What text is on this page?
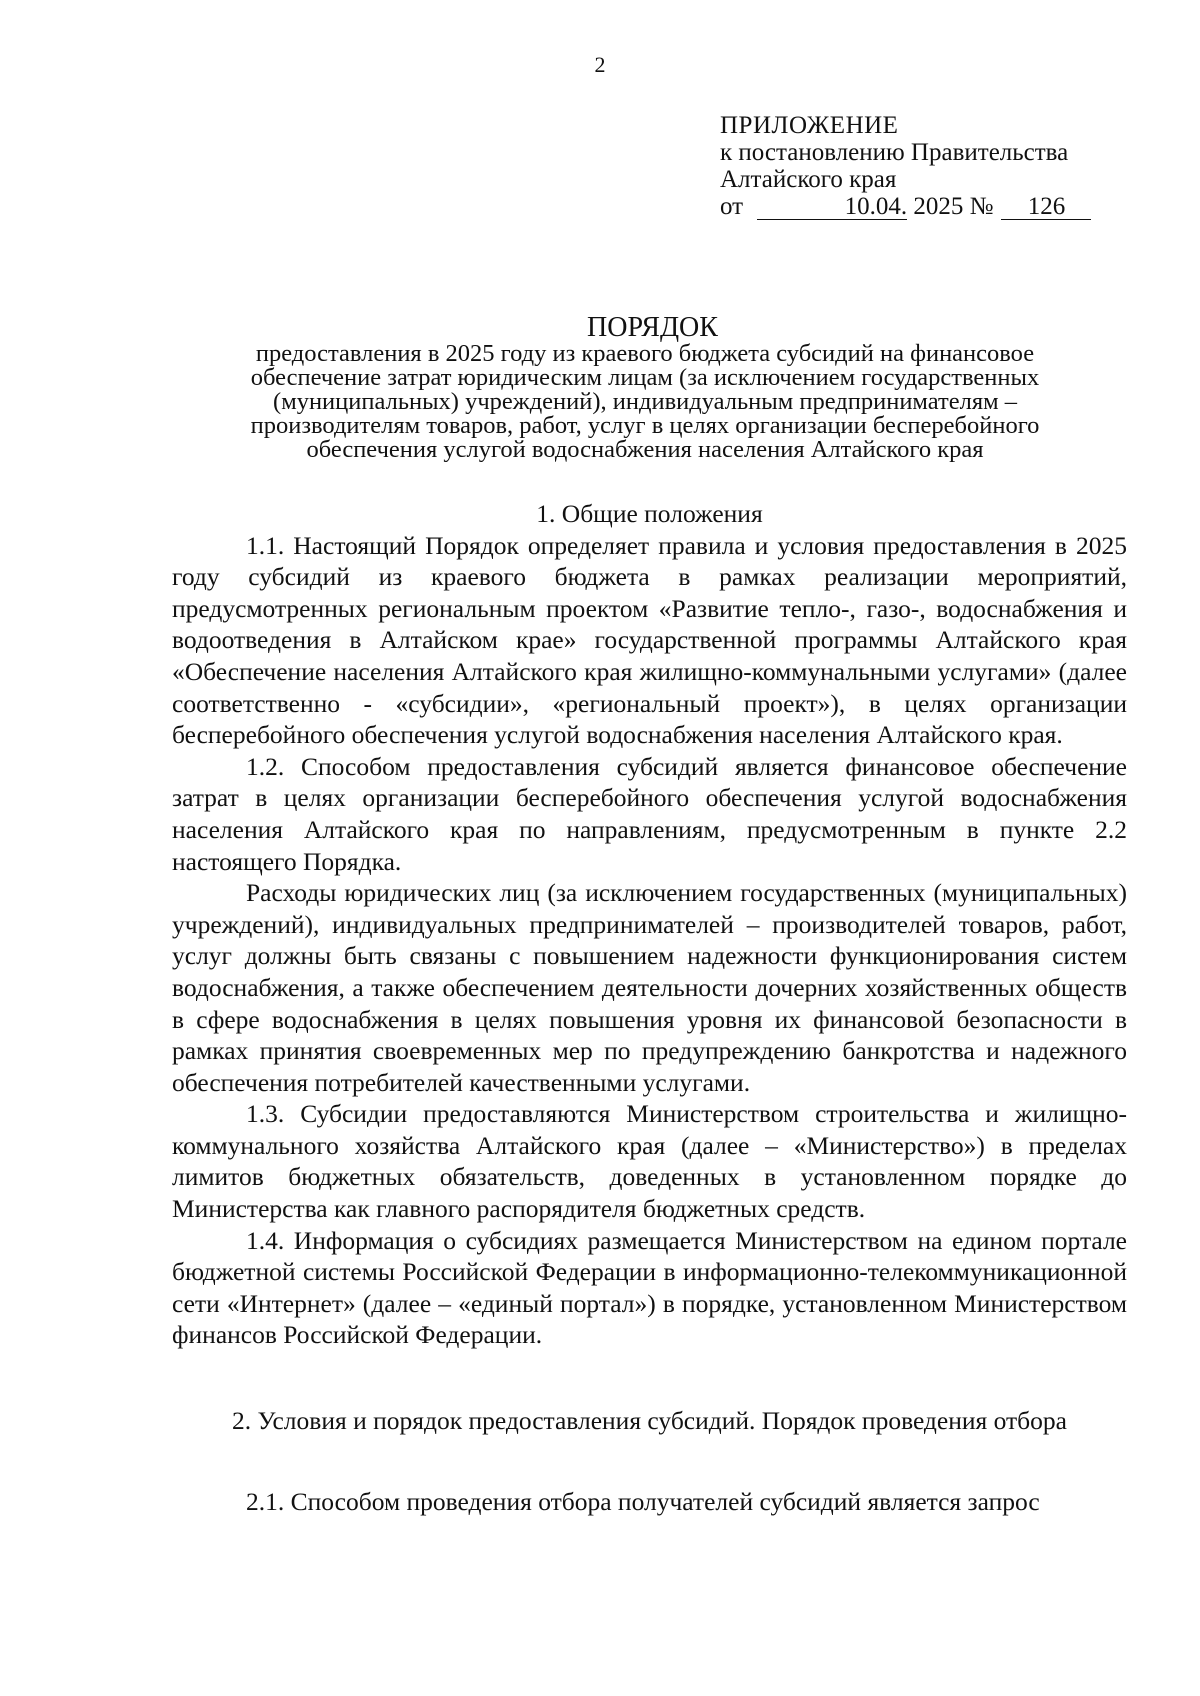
2
ПРИЛОЖЕНИЕ
к постановлению Правительства
Алтайского края
от	10.04. 2025 № 126
ПОРЯДОК
предоставления в 2025 году из краевого бюджета субсидий на финансовое обеспечение затрат юридическим лицам (за исключением государственных (муниципальных) учреждений), индивидуальным предпринимателям – производителям товаров, работ, услуг в целях организации бесперебойного обеспечения услугой водоснабжения населения Алтайского края
1. Общие положения

1.1. Настоящий Порядок определяет правила и условия предоставления в 2025 году субсидий из краевого бюджета в рамках реализации мероприятий, предусмотренных региональным проектом «Развитие тепло-, газо-, водоснабжения и водоотведения в Алтайском крае» государственной программы Алтайского края «Обеспечение населения Алтайского края жилищно-коммунальными услугами» (далее соответственно - «субсидии», «региональный проект»), в целях организации бесперебойного обеспечения услугой водоснабжения населения Алтайского края.

1.2. Способом предоставления субсидий является финансовое обеспечение затрат в целях организации бесперебойного обеспечения услугой водоснабжения населения Алтайского края по направлениям, предусмотренным в пункте 2.2 настоящего Порядка.

Расходы юридических лиц (за исключением государственных (муниципальных) учреждений), индивидуальных предпринимателей – производителей товаров, работ, услуг должны быть связаны с повышением надежности функционирования систем водоснабжения, а также обеспечением деятельности дочерних хозяйственных обществ в сфере водоснабжения в целях повышения уровня их финансовой безопасности в рамках принятия своевременных мер по предупреждению банкротства и надежного обеспечения потребителей качественными услугами.

1.3. Субсидии предоставляются Министерством строительства и жилищно-коммунального хозяйства Алтайского края (далее – «Министерство») в пределах лимитов бюджетных обязательств, доведенных в установленном порядке до Министерства как главного распорядителя бюджетных средств.

1.4. Информация о субсидиях размещается Министерством на едином портале бюджетной системы Российской Федерации в информационно-телекоммуникационной сети «Интернет» (далее – «единый портал») в порядке, установленном Министерством финансов Российской Федерации.

2. Условия и порядок предоставления субсидий. Порядок проведения отбора

2.1. Способом проведения отбора получателей субсидий является запрос
